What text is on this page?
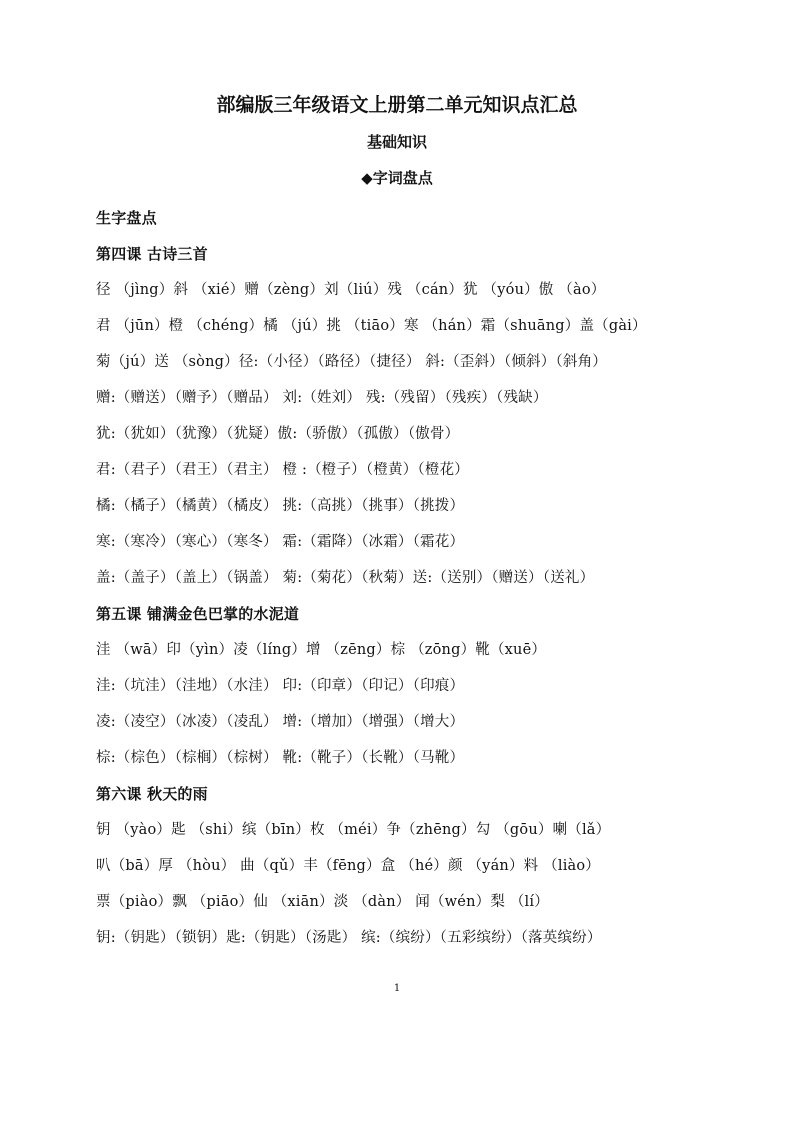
部编版三年级语文上册第二单元知识点汇总
基础知识
◆字词盘点
生字盘点
第四课 古诗三首
径 （jìng）斜 （xié）赠（zèng）刘（liú）残 （cán）犹 （yóu）傲 （ào）
君 （jūn）橙 （chéng）橘 （jú）挑 （tiāo）寒 （hán）霜（shuāng）盖（gài）
菊（jú）送 （sòng）径:（小径）（路径）（捷径） 斜:（歪斜）（倾斜）（斜角）
赠:（赠送）（赠予）（赠品） 刘:（姓刘） 残:（残留）（残疾）（残缺）
犹:（犹如）（犹豫）（犹疑）傲:（骄傲）（孤傲）（傲骨）
君:（君子）（君王）（君主） 橙 :（橙子）（橙黄）（橙花）
橘:（橘子）（橘黄）（橘皮） 挑:（高挑）（挑事）（挑拨）
寒:（寒冷）（寒心）（寒冬） 霜:（霜降）（冰霜）（霜花）
盖:（盖子）（盖上）（锅盖） 菊:（菊花）（秋菊）送:（送别）（赠送）（送礼）
第五课 铺满金色巴掌的水泥道
洼 （wā）印（yìn）凌（líng）增 （zēng）棕 （zōng）靴（xuē）
洼:（坑洼）（洼地）（水洼） 印:（印章）（印记）（印痕）
凌:（凌空）（冰凌）（凌乱） 增:（增加）（增强）（增大）
棕:（棕色）（棕榈）（棕树） 靴:（靴子）（长靴）（马靴）
第六课 秋天的雨
钥 （yào）匙 （shi）缤（bīn）枚 （méi）争（zhēng）勾 （gōu）喇（lǎ）
叭（bā）厚 （hòu） 曲（qǔ）丰（fēng）盒 （hé）颜 （yán）料 （liào）
票（piào）飘 （piāo）仙 （xiān）淡 （dàn） 闻（wén）梨 （lí）
钥:（钥匙）（锁钥）匙:（钥匙）（汤匙） 缤:（缤纷）（五彩缤纷）（落英缤纷）
1
